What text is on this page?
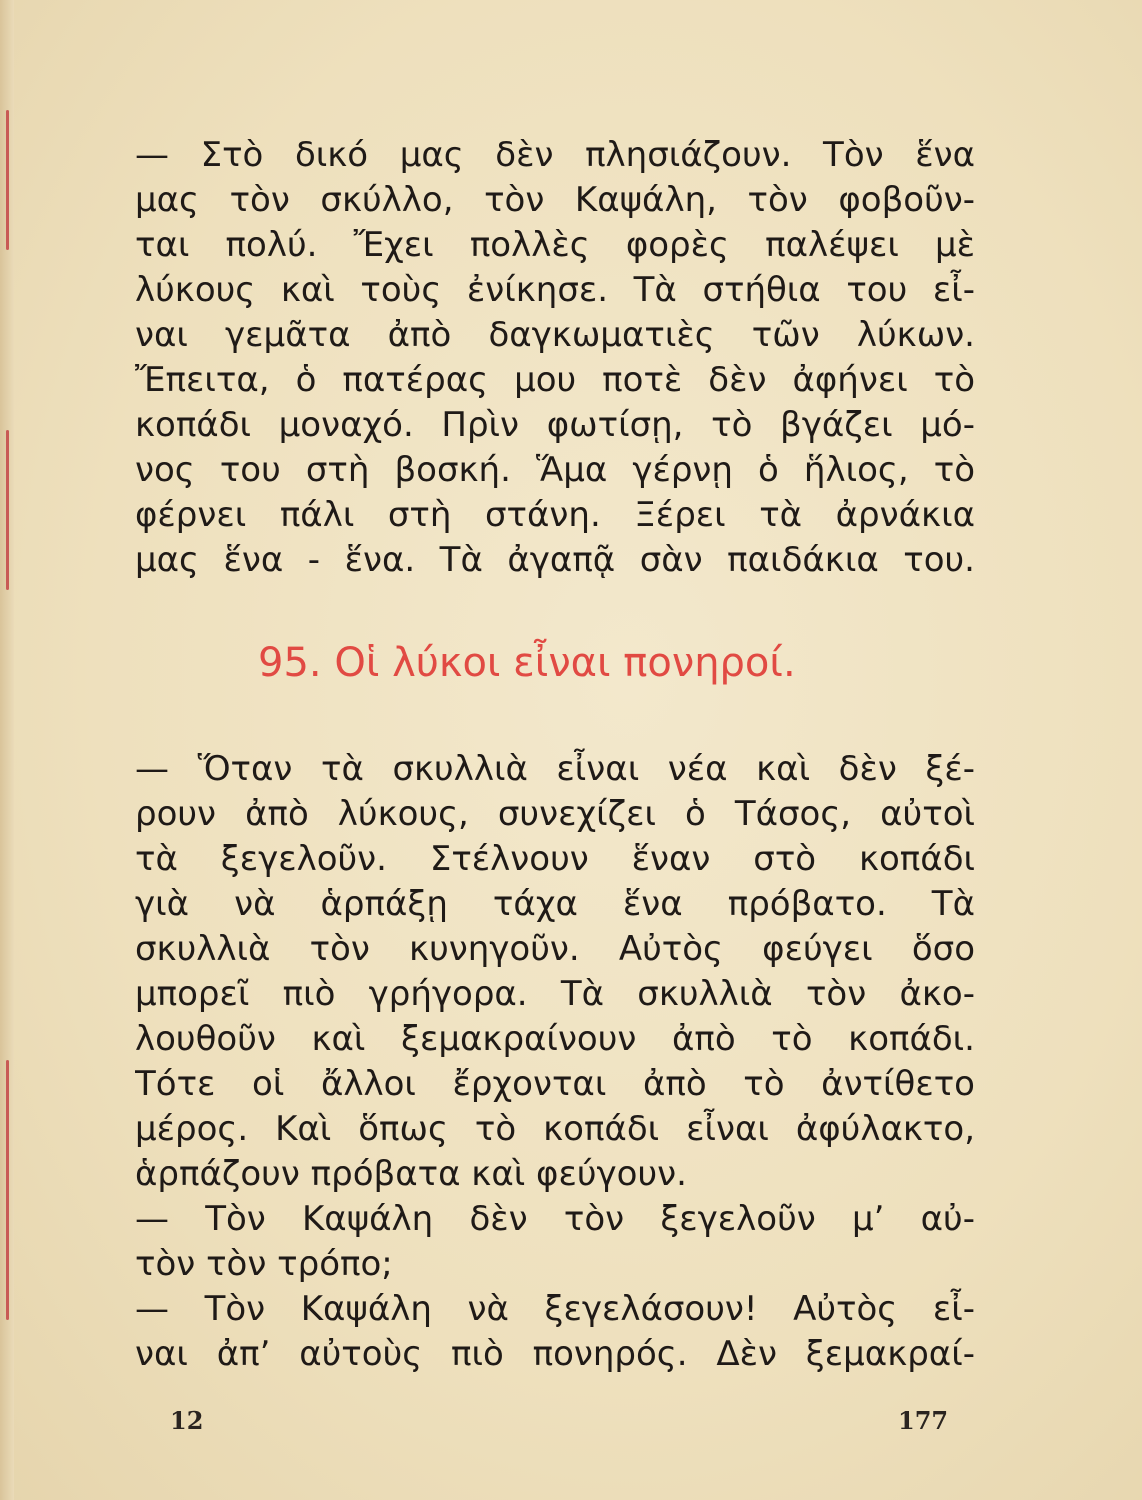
— Στὸ δικό μας δὲν πλησιάζουν. Τὸν ἕνα
μας τὸν σκύλλο, τὸν Καψάλη, τὸν φοβοῦν-
ται πολύ. Ἔχει πολλὲς φορὲς παλέψει μὲ
λύκους καὶ τοὺς ἐνίκησε. Τὰ στήθια του εἶ-
ναι γεμᾶτα ἀπὸ δαγκωματιὲς τῶν λύκων.
Ἔπειτα, ὁ πατέρας μου ποτὲ δὲν ἀφήνει τὸ
κοπάδι μοναχό. Πρὶν φωτίσῃ, τὸ βγάζει μό-
νος του στὴ βοσκή. Ἅμα γέρνῃ ὁ ἥλιος, τὸ
φέρνει πάλι στὴ στάνη. Ξέρει τὰ ἀρνάκια
μας ἕνα - ἕνα. Τὰ ἀγαπᾷ σὰν παιδάκια του.
95. Οἱ λύκοι εἶναι πονηροί.
— Ὅταν τὰ σκυλλιὰ εἶναι νέα καὶ δὲν ξέ-
ρουν ἀπὸ λύκους, συνεχίζει ὁ Τάσος, αὐτοὶ
τὰ ξεγελοῦν. Στέλνουν ἕναν στὸ κοπάδι
γιὰ νὰ ἁρπάξῃ τάχα ἕνα πρόβατο. Τὰ
σκυλλιὰ τὸν κυνηγοῦν. Αὐτὸς φεύγει ὅσο
μπορεῖ πιὸ γρήγορα. Τὰ σκυλλιὰ τὸν ἀκο-
λουθοῦν καὶ ξεμακραίνουν ἀπὸ τὸ κοπάδι.
Τότε οἱ ἄλλοι ἔρχονται ἀπὸ τὸ ἀντίθετο
μέρος. Καὶ ὅπως τὸ κοπάδι εἶναι ἀφύλακτο,
ἁρπάζουν πρόβατα καὶ φεύγουν.
— Τὸν Καψάλη δὲν τὸν ξεγελοῦν μ’ αὐ-
τὸν τὸν τρόπο;
— Τὸν Καψάλη νὰ ξεγελάσουν! Αὐτὸς εἶ-
ναι ἀπ’ αὐτοὺς πιὸ πονηρός. Δὲν ξεμακραί-
12	177
